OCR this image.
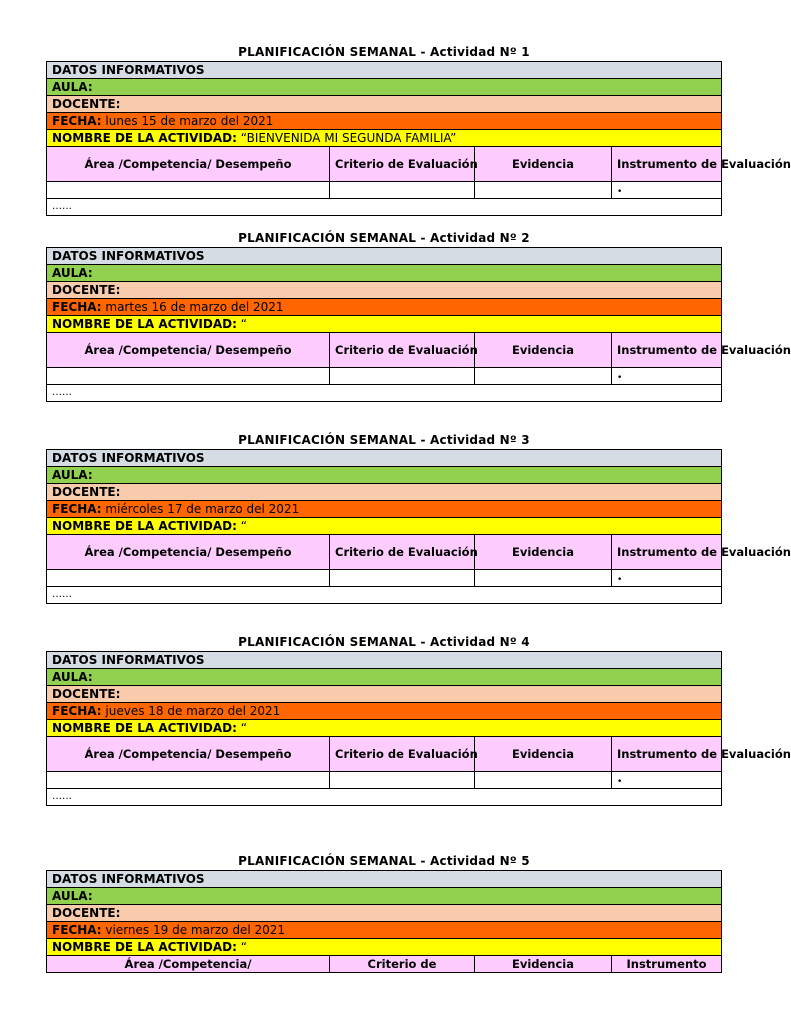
PLANIFICACIÓN SEMANAL - Actividad Nº 1
DATOS INFORMATIVOS			
AULA:			
DOCENTE:			
FECHA: lunes 15 de marzo del 2021			
NOMBRE DE LA ACTIVIDAD: “BIENVENIDA MI SEGUNDA FAMILIA”			
Área /Competencia/ Desempeño	Criterio de Evaluación	Evidencia	Instrumento de Evaluación
			•
……			
PLANIFICACIÓN SEMANAL - Actividad Nº 2
DATOS INFORMATIVOS			
AULA:			
DOCENTE:			
FECHA: martes 16 de marzo del 2021			
NOMBRE DE LA ACTIVIDAD: “			
Área /Competencia/ Desempeño	Criterio de Evaluación	Evidencia	Instrumento de Evaluación
			•
……			
PLANIFICACIÓN SEMANAL - Actividad Nº 3
DATOS INFORMATIVOS			
AULA:			
DOCENTE:			
FECHA: miércoles 17 de marzo del 2021			
NOMBRE DE LA ACTIVIDAD: “			
Área /Competencia/ Desempeño	Criterio de Evaluación	Evidencia	Instrumento de Evaluación
			•
……			
PLANIFICACIÓN SEMANAL - Actividad Nº 4
DATOS INFORMATIVOS			
AULA:			
DOCENTE:			
FECHA: jueves 18 de marzo del 2021			
NOMBRE DE LA ACTIVIDAD: “			
Área /Competencia/ Desempeño	Criterio de Evaluación	Evidencia	Instrumento de Evaluación
			•
……			
PLANIFICACIÓN SEMANAL - Actividad Nº 5
DATOS INFORMATIVOS
AULA:
DOCENTE:
FECHA: viernes 19 de marzo del 2021
NOMBRE DE LA ACTIVIDAD: “
Área /Competencia/	Criterio de	Evidencia	Instrumento
